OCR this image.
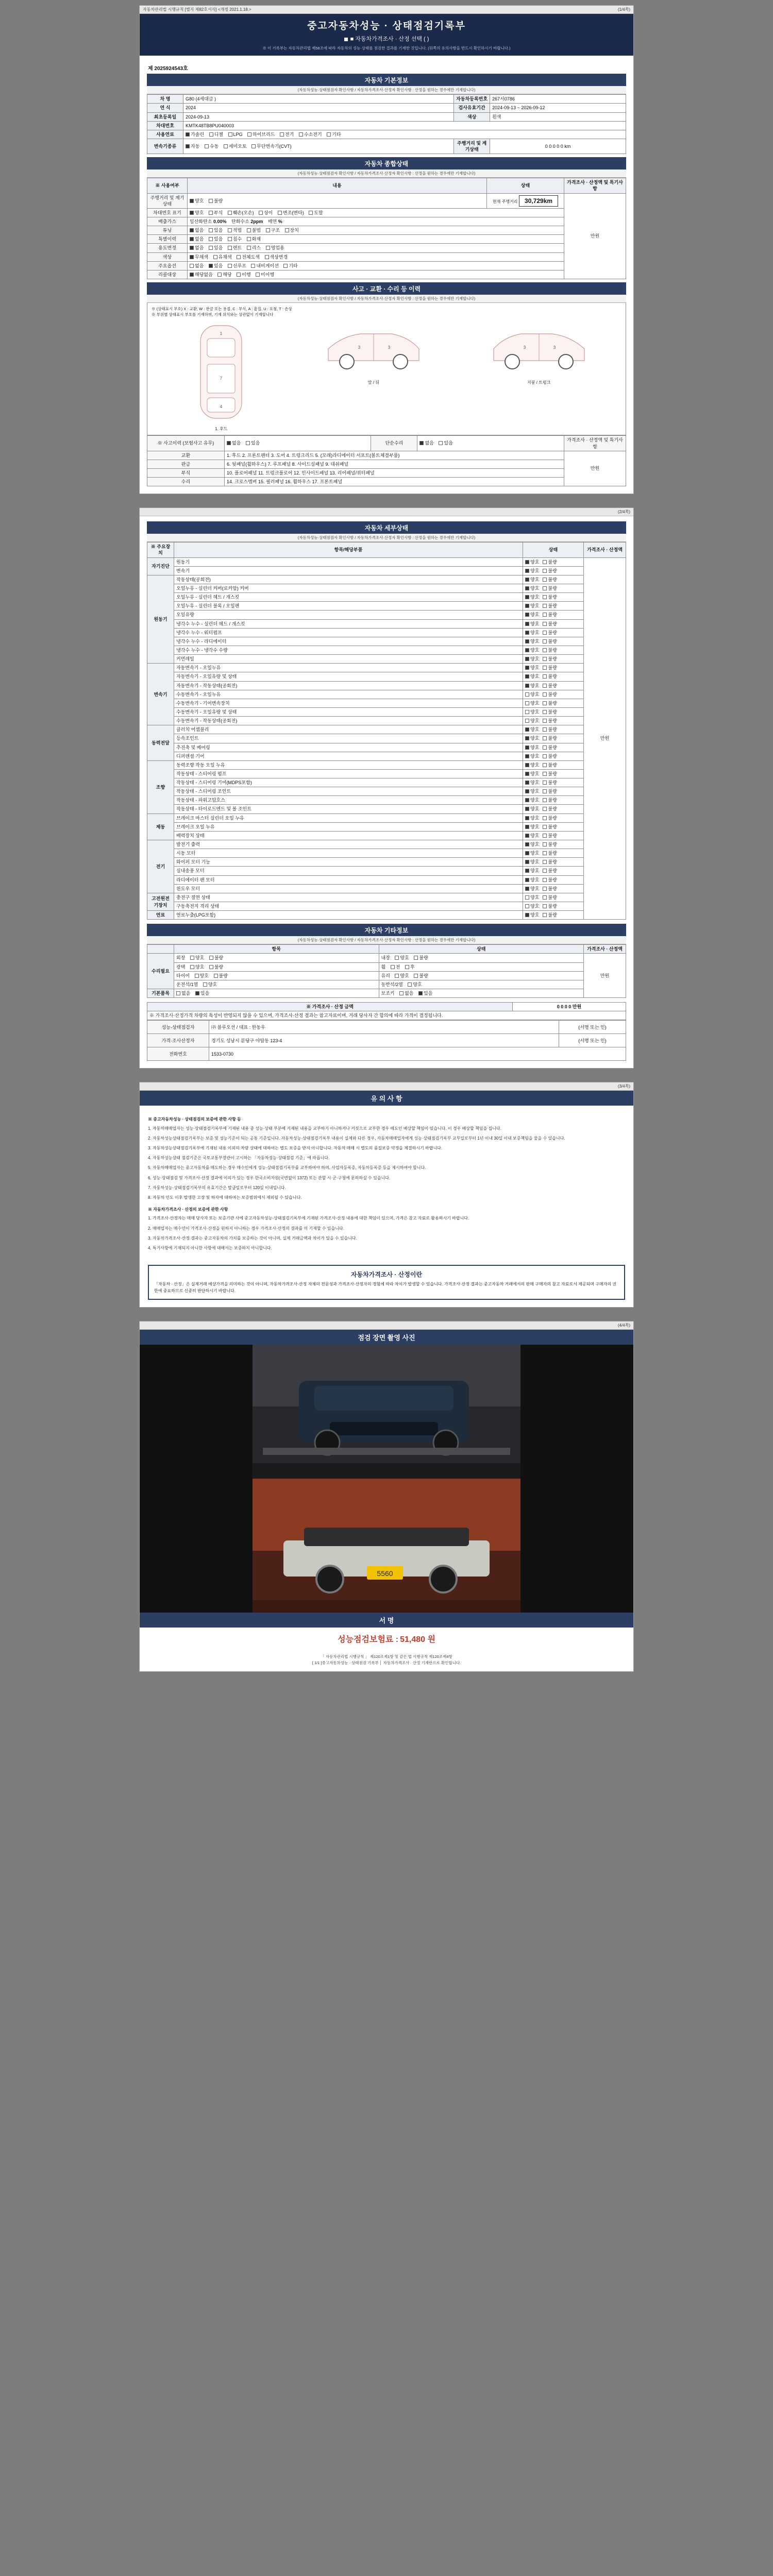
자동차관리법 시행규칙 [별지 제82호서식] <개정 2021.1.18.>	(1/4쪽)
중고자동차성능 · 상태점검기록부
■ 자동차가격조사 · 산정 선택 ( )
※ 이 기록부는 자동차관리법 제58조에 따라 자동차의 성능·상태를 점검한 결과를 기재한 것입니다. (뒤쪽의 유의사항을 반드시 확인하시기 바랍니다.)
제 2025924543호
자동차 기본정보
(자동차성능·상태점검자 확인사항 / 자동차가격조사·산정자 확인사항 : 산정을 원하는 경우에만 기재합니다)
차 명	G80 (4세대급 )	자동차등록번호	267서0786
연 식	2024	검사유효기간	2024-09-13 ~ 2026-09-12
최초등록일	2024-09-13	색상	흰색
차대번호	KMTK48TB8PU040003		
사용연료	가솔린 디젤 LPG 하이브리드 전기 수소전기 기타		
변속기종류	자동 수동 세미오토 무단변속기(CVT)	주행거리 및 계기상태	0 0 0 0 0 km
자동차 종합상태
(자동차성능·상태점검자 확인사항 / 자동차가격조사·산정자 확인사항 : 산정을 원하는 경우에만 기재합니다)
※ 사용여부	내용	상태	가격조사 · 산정액 및 특기사항
주행거리 및 계기상태	양호 불량	현재 주행거리 30,729km	만원
차대번호 표기	양호 부식 훼손(오손) 상이 변조(변타) 도말		
배출가스	일산화탄소 0.00% 탄화수소 2ppm 매연 %		
튜닝	없음 있음 적법 불법 구조 장치		
특별이력	없음 있음 침수 화재		
용도변경	없음 있음 렌트 리스 영업용		
색상	무채색 유채색 전체도색 색상변경		
주요옵션	없음 있음 선루프 내비게이션 기타		
리콜대상	해당없음 해당 이행 미이행		
사고 · 교환 · 수리 등 이력
(자동차성능·상태점검자 확인사항 / 자동차가격조사·산정자 확인사항 : 산정을 원하는 경우에만 기재합니다)
※ (상태표시 부호) X : 교환, W : 판금 또는 용접, C : 부식, A : 흠집, U : 요철, T : 손상
※ 부위별 상태표시 부호를 기재하며, 기재 위치와는 상관없이 기재합니다
1
7
4
1. 후드
3	3
앞 / 뒤
3	3
지붕 / 트렁크
※ 사고이력 (보험사고 유무)	없음 있음	단순수리	없음 있음	가격조사 · 산정액 및 특기사항
교환	1. 후드 2. 프론트팬더 3. 도어 4. 트렁크리드 5. (모래)라디에이터 서포트(볼트체결부품)			만원
판금	6. 뒷패널(휠하우스) 7. 루프패널 8. 사이드실패널 9. 대쉬패널			
부식	10. 플로어패널 11. 트렁크플로어 12. 인사이드패널 13. 리어패널/쿼터패널			
수리	14. 크로스멤버 15. 필러패널 16. 휠하우스 17. 프론트패널			
(2/4쪽)
자동차 세부상태
(자동차성능·상태점검자 확인사항 / 자동차가격조사·산정자 확인사항 : 산정을 원하는 경우에만 기재합니다)
※ 주요장치	항목/해당부품	상태	가격조사 · 산정액
자기진단	원동기	양호 불량	만원
	변속기	양호 불량	
원동기	작동상태(공회전)	양호 불량	
	오일누유 - 실린더 커버(로커암) 커버	양호 불량	
	오일누유 - 실린더 헤드 / 개스킷	양호 불량	
	오일누유 - 실린더 블록 / 오일팬	양호 불량	
	오일유량	양호 불량	
	냉각수 누수 - 실린더 헤드 / 개스킷	양호 불량	
	냉각수 누수 - 워터펌프	양호 불량	
	냉각수 누수 - 라디에이터	양호 불량	
	냉각수 누수 - 냉각수 수량	양호 불량	
	커먼레일	양호 불량	
변속기	자동변속기 - 오일누유	양호 불량	
	자동변속기 - 오일유량 및 상태	양호 불량	
	자동변속기 - 작동상태(공회전)	양호 불량	
	수동변속기 - 오일누유	양호 불량	
	수동변속기 - 기어변속장치	양호 불량	
	수동변속기 - 오일유량 및 상태	양호 불량	
	수동변속기 - 작동상태(공회전)	양호 불량	
동력전달	클러치 어셈블리	양호 불량	
	등속조인트	양호 불량	
	추진축 및 베어링	양호 불량	
	디퍼렌셜 기어	양호 불량	
조향	동력조향 작동 오일 누유	양호 불량	
	작동상태 - 스티어링 펌프	양호 불량	
	작동상태 - 스티어링 기어(MDPS포함)	양호 불량	
	작동상태 - 스티어링 조인트	양호 불량	
	작동상태 - 파워고압호스	양호 불량	
	작동상태 - 타이로드엔드 및 볼 조인트	양호 불량	
제동	브레이크 마스터 실린더 오일 누유	양호 불량	
	브레이크 오일 누유	양호 불량	
	배력장치 상태	양호 불량	
전기	발전기 출력	양호 불량	
	시동 모터	양호 불량	
	와이퍼 모터 기능	양호 불량	
	실내송풍 모터	양호 불량	
	라디에이터 팬 모터	양호 불량	
	윈도우 모터	양호 불량	
고전원전기장치	충전구 절연 상태	양호 불량	
	구동축전지 격리 상태	양호 불량	
연료	연료누출(LPG포함)	양호 불량	
자동차 기타정보
(자동차성능·상태점검자 확인사항 / 자동차가격조사·산정자 확인사항 : 산정을 원하는 경우에만 기재합니다)
	항목	상태	가격조사 · 산정액
수리필요	외장 양호 불량	내장 양호 불량	만원
	광택 양호 불량	휠 전 후	
	타이어 양호 불량	유리 양호 불량	
	운전석/1열 양호	동반석/2열 양호	
기본품목	없음 있음	보조키 없음 있음	
※ 가격조사 · 산정 금액	0 0 0 0 만원
※ 가격조사·산정가격 차량의 특성이 반영되지 않을 수 있으며, 가격조사·산정 결과는 참고자료이며, 거래 당사자 간 합의에 따라 가격이 결정됩니다.
성능·상태점검자	㈜ 블루오션 / 대표 : 한동우	(서명 또는 인)
가격·조사산정자	경기도 성남시 분당구 야탑동 123-4	(서명 또는 인)
전화번호	1533-0730	
(3/4쪽)
유 의 사 항
※ 중고자동차성능 · 상태점검의 보증에 관한 사항 등

1. 자동차매매업자는 성능·상태점검기록부에 기재된 내용 중 성능·상태 부분에 기재된 내용을 교부하기 아니하거나 거짓으로 교부한 경우 매도인 배상할 책임이 있습니다. 이 경우 배상할 책임을 집니다.

2. 자동차성능상태점검기록부는 보증 및 성능기준이 되는 공통 기준입니다. 자동차성능·상태점검기록부 내용이 실제와 다른 경우, 자동차매매업자에게 성능·상태점검기록부 교부일로부터 1년 이내 30일 이내 보증책임을 물을 수 있습니다.

3. 자동차성능상태점검기록부에 기재된 내용 이외의 차량 상태에 대하여는 별도 보증을 받지 아니합니다. 자동차 매매 시 별도의 품질보증 약정을 체결하시기 바랍니다.

4. 자동차성능상태 점검기준은 국토교통부장관이 고시하는 「자동차성능·상태점검 기준」에 따릅니다.

5. 자동차매매업자는 중고자동차를 매도하는 경우 매수인에게 성능·상태점검기록부를 교부하여야 하며, 사업자등록증, 자동차등록증 등을 제시하여야 합니다.

6. 성능·상태점검 및 가격조사·산정 결과에 이의가 있는 경우 한국소비자원(국번없이 1372) 또는 관할 시·군·구청에 문의하실 수 있습니다.

7. 자동차성능·상태점검기록부의 유효기간은 발급일로부터 120일 이내입니다.

8. 자동차 인도 이후 발생한 고장 및 하자에 대하여는 보증범위에서 제외될 수 있습니다.

※ 자동차가격조사 · 산정의 보증에 관한 사항

1. 가격조사·산정자는 매매 당사자 또는 보증기관 사에 중고자동차성능·상태점검기록부에 기재된 가격조사·산정 내용에 대한 책임이 있으며, 가격은 참고 자료로 활용하시기 바랍니다.

2. 매매업자는 매수인이 가격조사·산정을 원하지 아니하는 경우 가격조사·산정의 결과를 미 기재할 수 있습니다.

3. 자동차가격조사·산정 결과는 중고자동차의 가치를 보증하는 것이 아니며, 실제 거래금액과 차이가 있을 수 있습니다.

4. 특기사항에 기재되지 아니한 사항에 대해서는 보증하지 아니합니다.

자동차가격조사 · 산정이란
「자동차 · 산정」은 실제거래 예상가격을 의미하는 것이 아니며, 자동차가격조사·산정 자체의 전문성과 가격조사·산정자의 경험에 따라 차이가 발생할 수 있습니다. 가격조사·산정 결과는 중고자동차 거래에서의 판매 구매자의 참고 자료로서 제공되며 구매자의 권한에 중요하므로 신중히 판단하시기 바랍니다.
(4/4쪽)
점검 장면 촬영 사진
5560
서 명
성능점검보험료 : 51,480 원
「 자동차관리법 시행규칙 」 제120조제1항 및 같은 법 시행규칙 제120조제4항
[ 1/1 ]중고자동차성능 · 상태점검 기록부 │ 자동차가격조사 · 산정 기재란으로 확인합니다.
